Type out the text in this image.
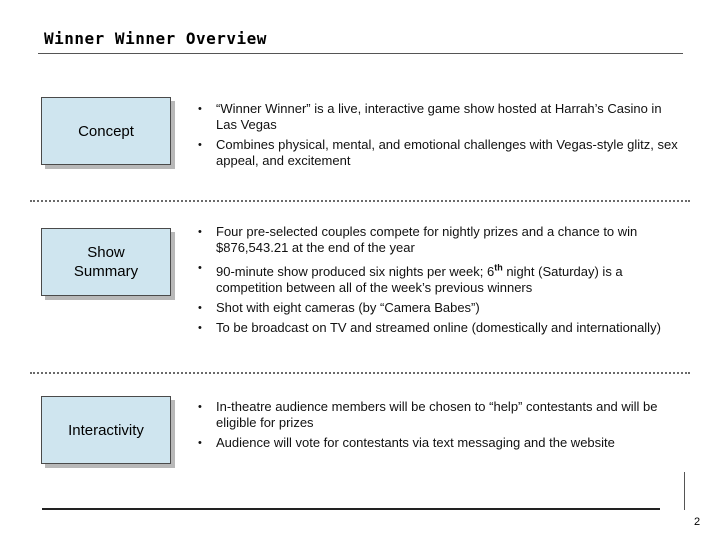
Winner Winner Overview
Concept
• “Winner Winner” is a live, interactive game show hosted at Harrah’s Casino in Las Vegas
• Combines physical, mental, and emotional challenges with Vegas-style glitz, sex appeal, and excitement
Show
Summary
• Four pre-selected couples compete for nightly prizes and a chance to win $876,543.21 at the end of the year
• 90-minute show produced six nights per week; 6th night (Saturday) is a competition between all of the week’s previous winners
• Shot with eight cameras (by “Camera Babes”)
• To be broadcast on TV and streamed online (domestically and internationally)
Interactivity
• In-theatre audience members will be chosen to “help” contestants and will be eligible for prizes
• Audience will vote for contestants via text messaging and the website
2
